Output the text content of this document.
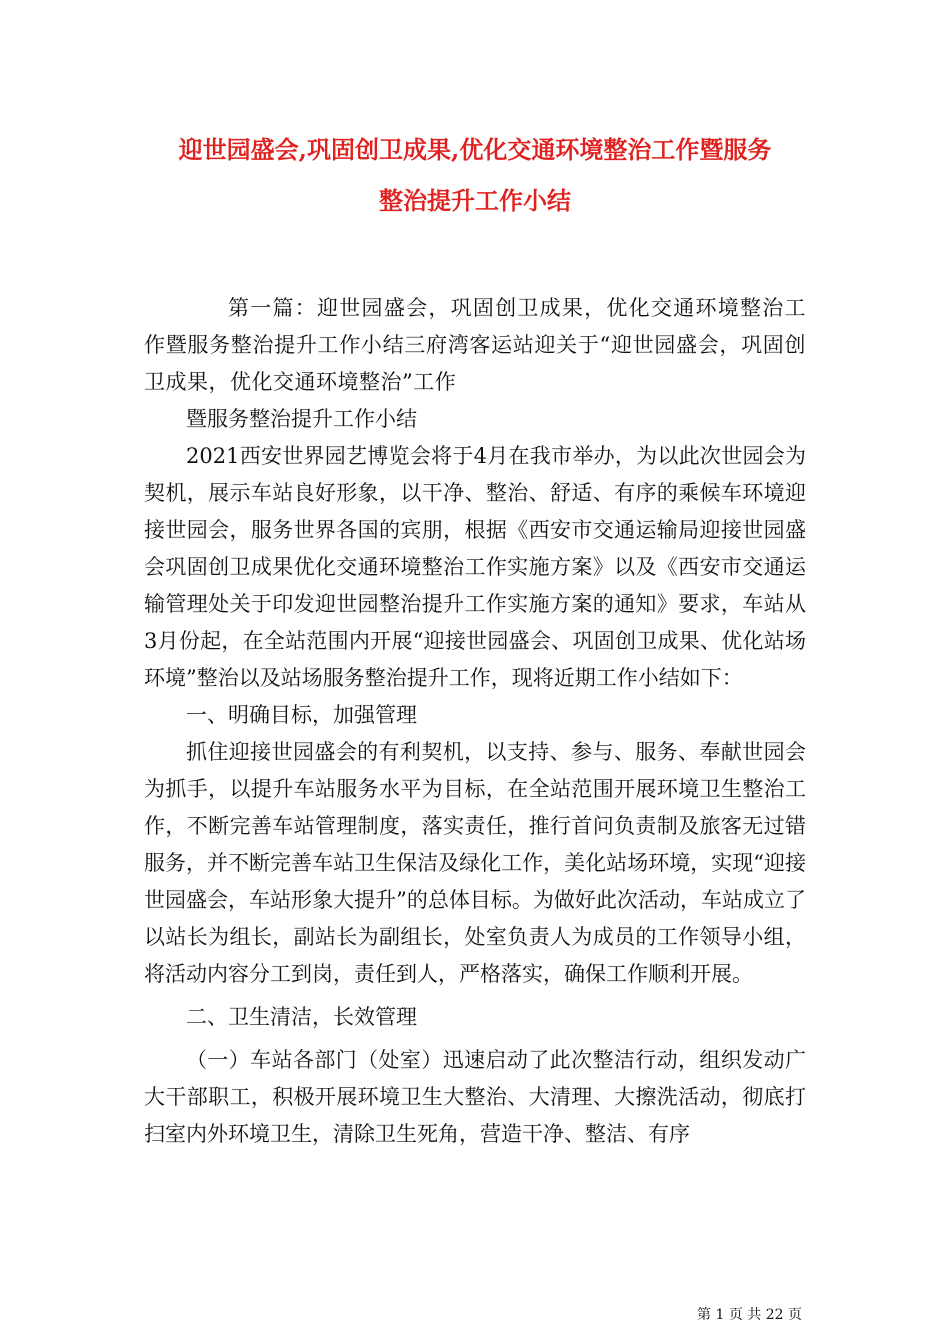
迎世园盛会,巩固创卫成果,优化交通环境整治工作暨服务
整治提升工作小结

第一篇：迎世园盛会，巩固创卫成果，优化交通环境整治工作暨服务整治提升工作小结三府湾客运站迎关于“迎世园盛会，巩固创卫成果，优化交通环境整治”工作

暨服务整治提升工作小结

2021西安世界园艺博览会将于4月在我市举办，为以此次世园会为契机，展示车站良好形象，以干净、整治、舒适、有序的乘候车环境迎接世园会，服务世界各国的宾朋，根据《西安市交通运输局迎接世园盛会巩固创卫成果优化交通环境整治工作实施方案》以及《西安市交通运输管理处关于印发迎世园整治提升工作实施方案的通知》要求，车站从3月份起，在全站范围内开展“迎接世园盛会、巩固创卫成果、优化站场环境”整治以及站场服务整治提升工作，现将近期工作小结如下：

一、明确目标，加强管理

抓住迎接世园盛会的有利契机，以支持、参与、服务、奉献世园会为抓手，以提升车站服务水平为目标，在全站范围开展环境卫生整治工作，不断完善车站管理制度，落实责任，推行首问负责制及旅客无过错服务，并不断完善车站卫生保洁及绿化工作，美化站场环境，实现“迎接世园盛会，车站形象大提升”的总体目标。为做好此次活动，车站成立了以站长为组长，副站长为副组长，处室负责人为成员的工作领导小组，将活动内容分工到岗，责任到人，严格落实，确保工作顺利开展。

二、卫生清洁，长效管理

（一）车站各部门（处室）迅速启动了此次整洁行动，组织发动广大干部职工，积极开展环境卫生大整治、大清理、大擦洗活动，彻底打扫室内外环境卫生，清除卫生死角，营造干净、整洁、有序

第 1 页 共 22 页
